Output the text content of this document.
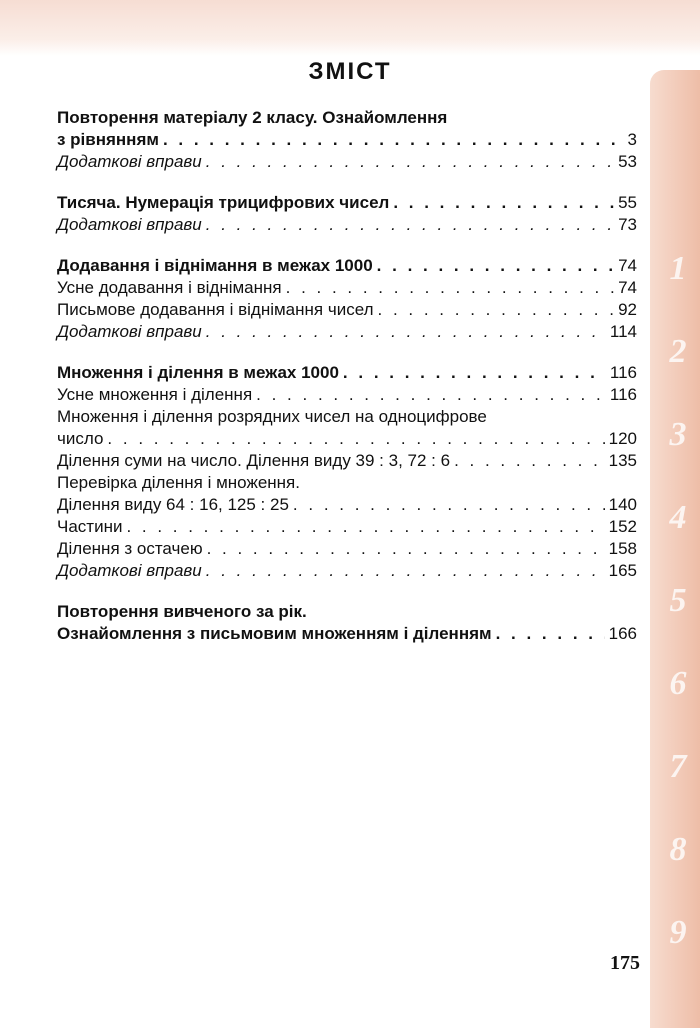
1
2
3
4
5
6
7
8
9
ЗМІСТ
Повторення матеріалу 2 класу. Ознайомлення
з рівнянням . . .	3
Додаткові вправи . . .	53
Тисяча. Нумерація трицифрових чисел . . .	55
Додаткові вправи . . .	73
Додавання і віднімання в межах 1000 . . .	74
Усне додавання і віднімання . . .	74
Письмове додавання і віднімання чисел . . .	92
Додаткові вправи . . .	114
Множення і ділення в межах 1000 . . .	116
Усне множення і ділення . . .	116
Множення і ділення розрядних чисел на одноцифрове
число . . .	120
Ділення суми на число. Ділення виду 39 : 3, 72 : 6 . . .	135
Перевірка ділення і множення.
Ділення виду 64 : 16, 125 : 25 . . .	140
Частини . . .	152
Ділення з остачею . . .	158
Додаткові вправи . . .	165
Повторення вивченого за рік.
Ознайомлення з письмовим множенням і діленням . . .	166
175
